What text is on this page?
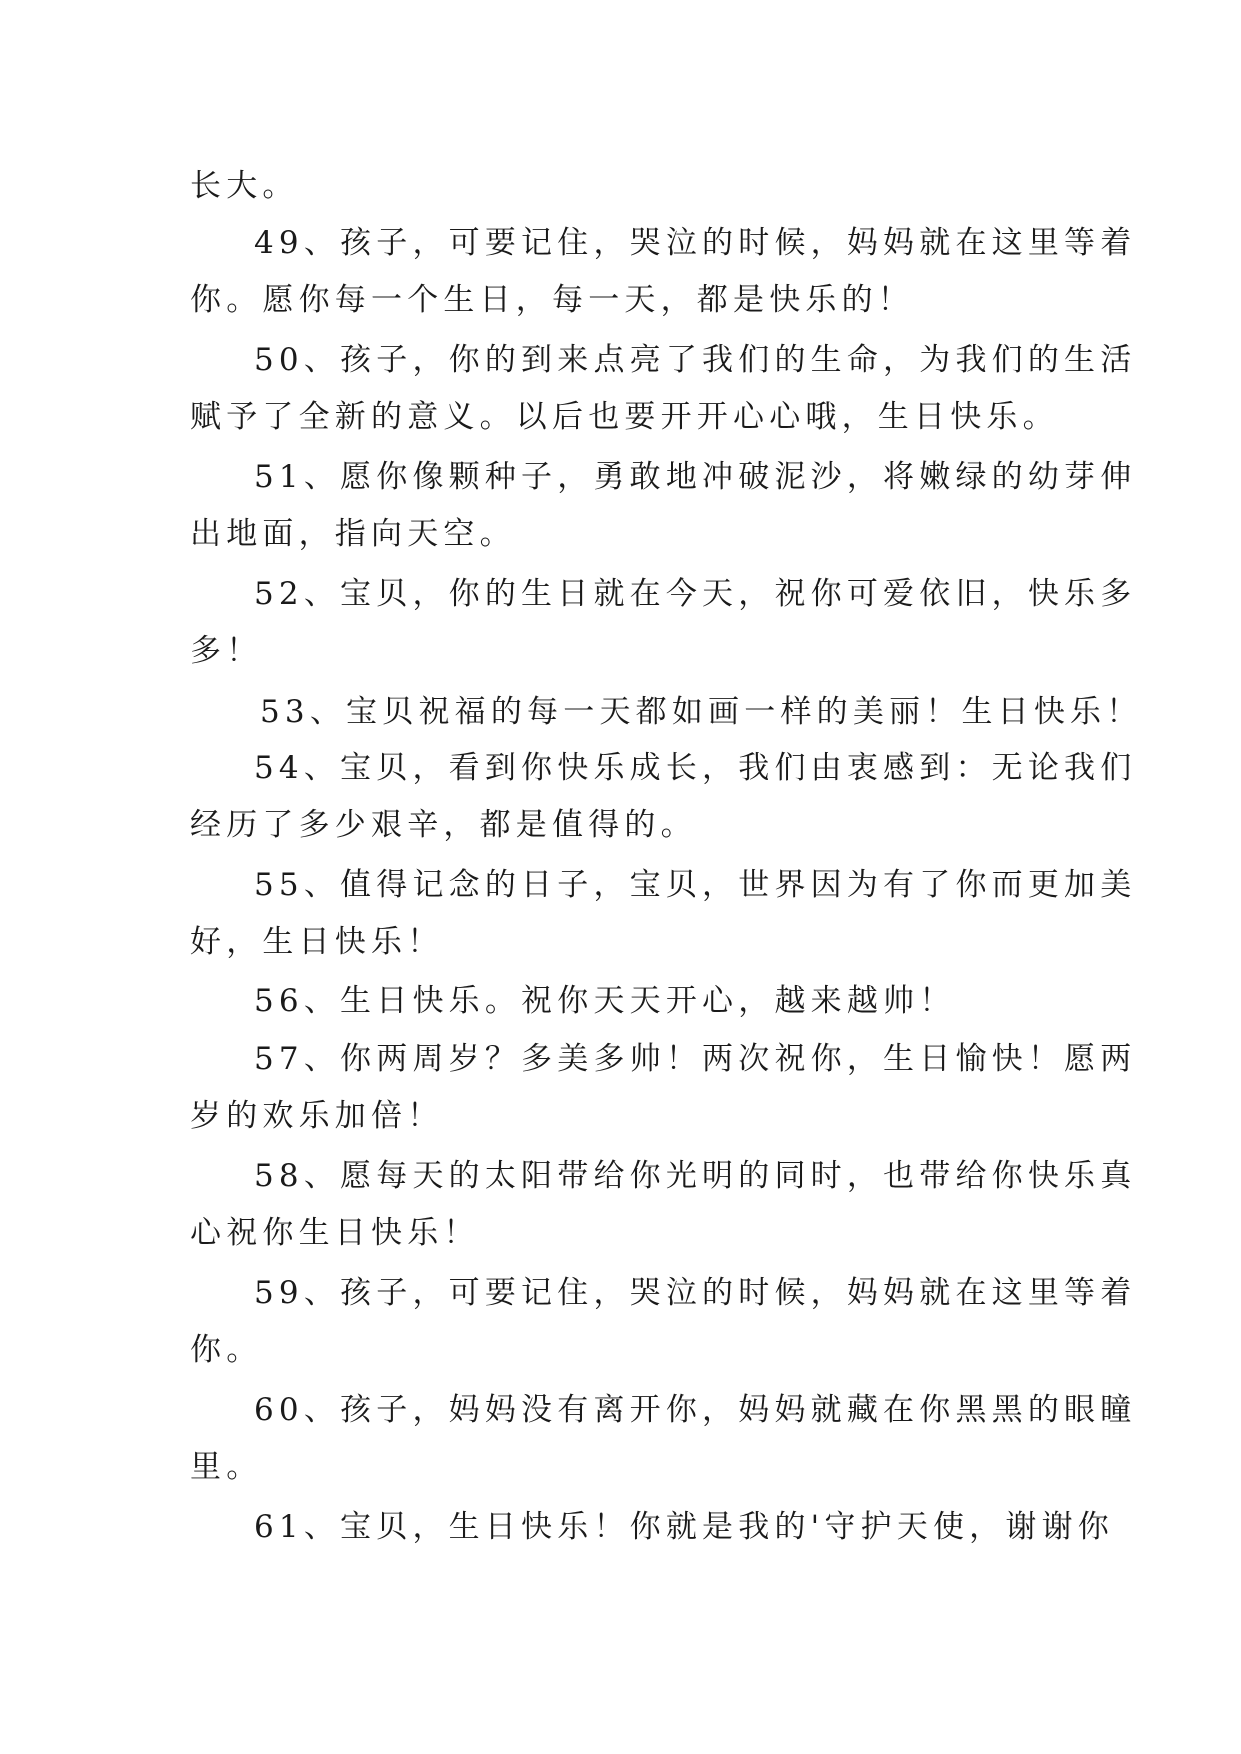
长大。
49、孩子，可要记住，哭泣的时候，妈妈就在这里等着
你。愿你每一个生日，每一天，都是快乐的！
50、孩子，你的到来点亮了我们的生命，为我们的生活
赋予了全新的意义。以后也要开开心心哦，生日快乐。
51、愿你像颗种子，勇敢地冲破泥沙，将嫩绿的幼芽伸
出地面，指向天空。
52、宝贝，你的生日就在今天，祝你可爱依旧，快乐多
多！
53、宝贝祝福的每一天都如画一样的美丽！生日快乐！
54、宝贝，看到你快乐成长，我们由衷感到：无论我们
经历了多少艰辛，都是值得的。
55、值得记念的日子，宝贝，世界因为有了你而更加美
好，生日快乐！
56、生日快乐。祝你天天开心，越来越帅！
57、你两周岁？多美多帅！两次祝你，生日愉快！愿两
岁的欢乐加倍！
58、愿每天的太阳带给你光明的同时，也带给你快乐真
心祝你生日快乐！
59、孩子，可要记住，哭泣的时候，妈妈就在这里等着
你。
60、孩子，妈妈没有离开你，妈妈就藏在你黑黑的眼瞳
里。
61、宝贝，生日快乐！你就是我的'守护天使，谢谢你
